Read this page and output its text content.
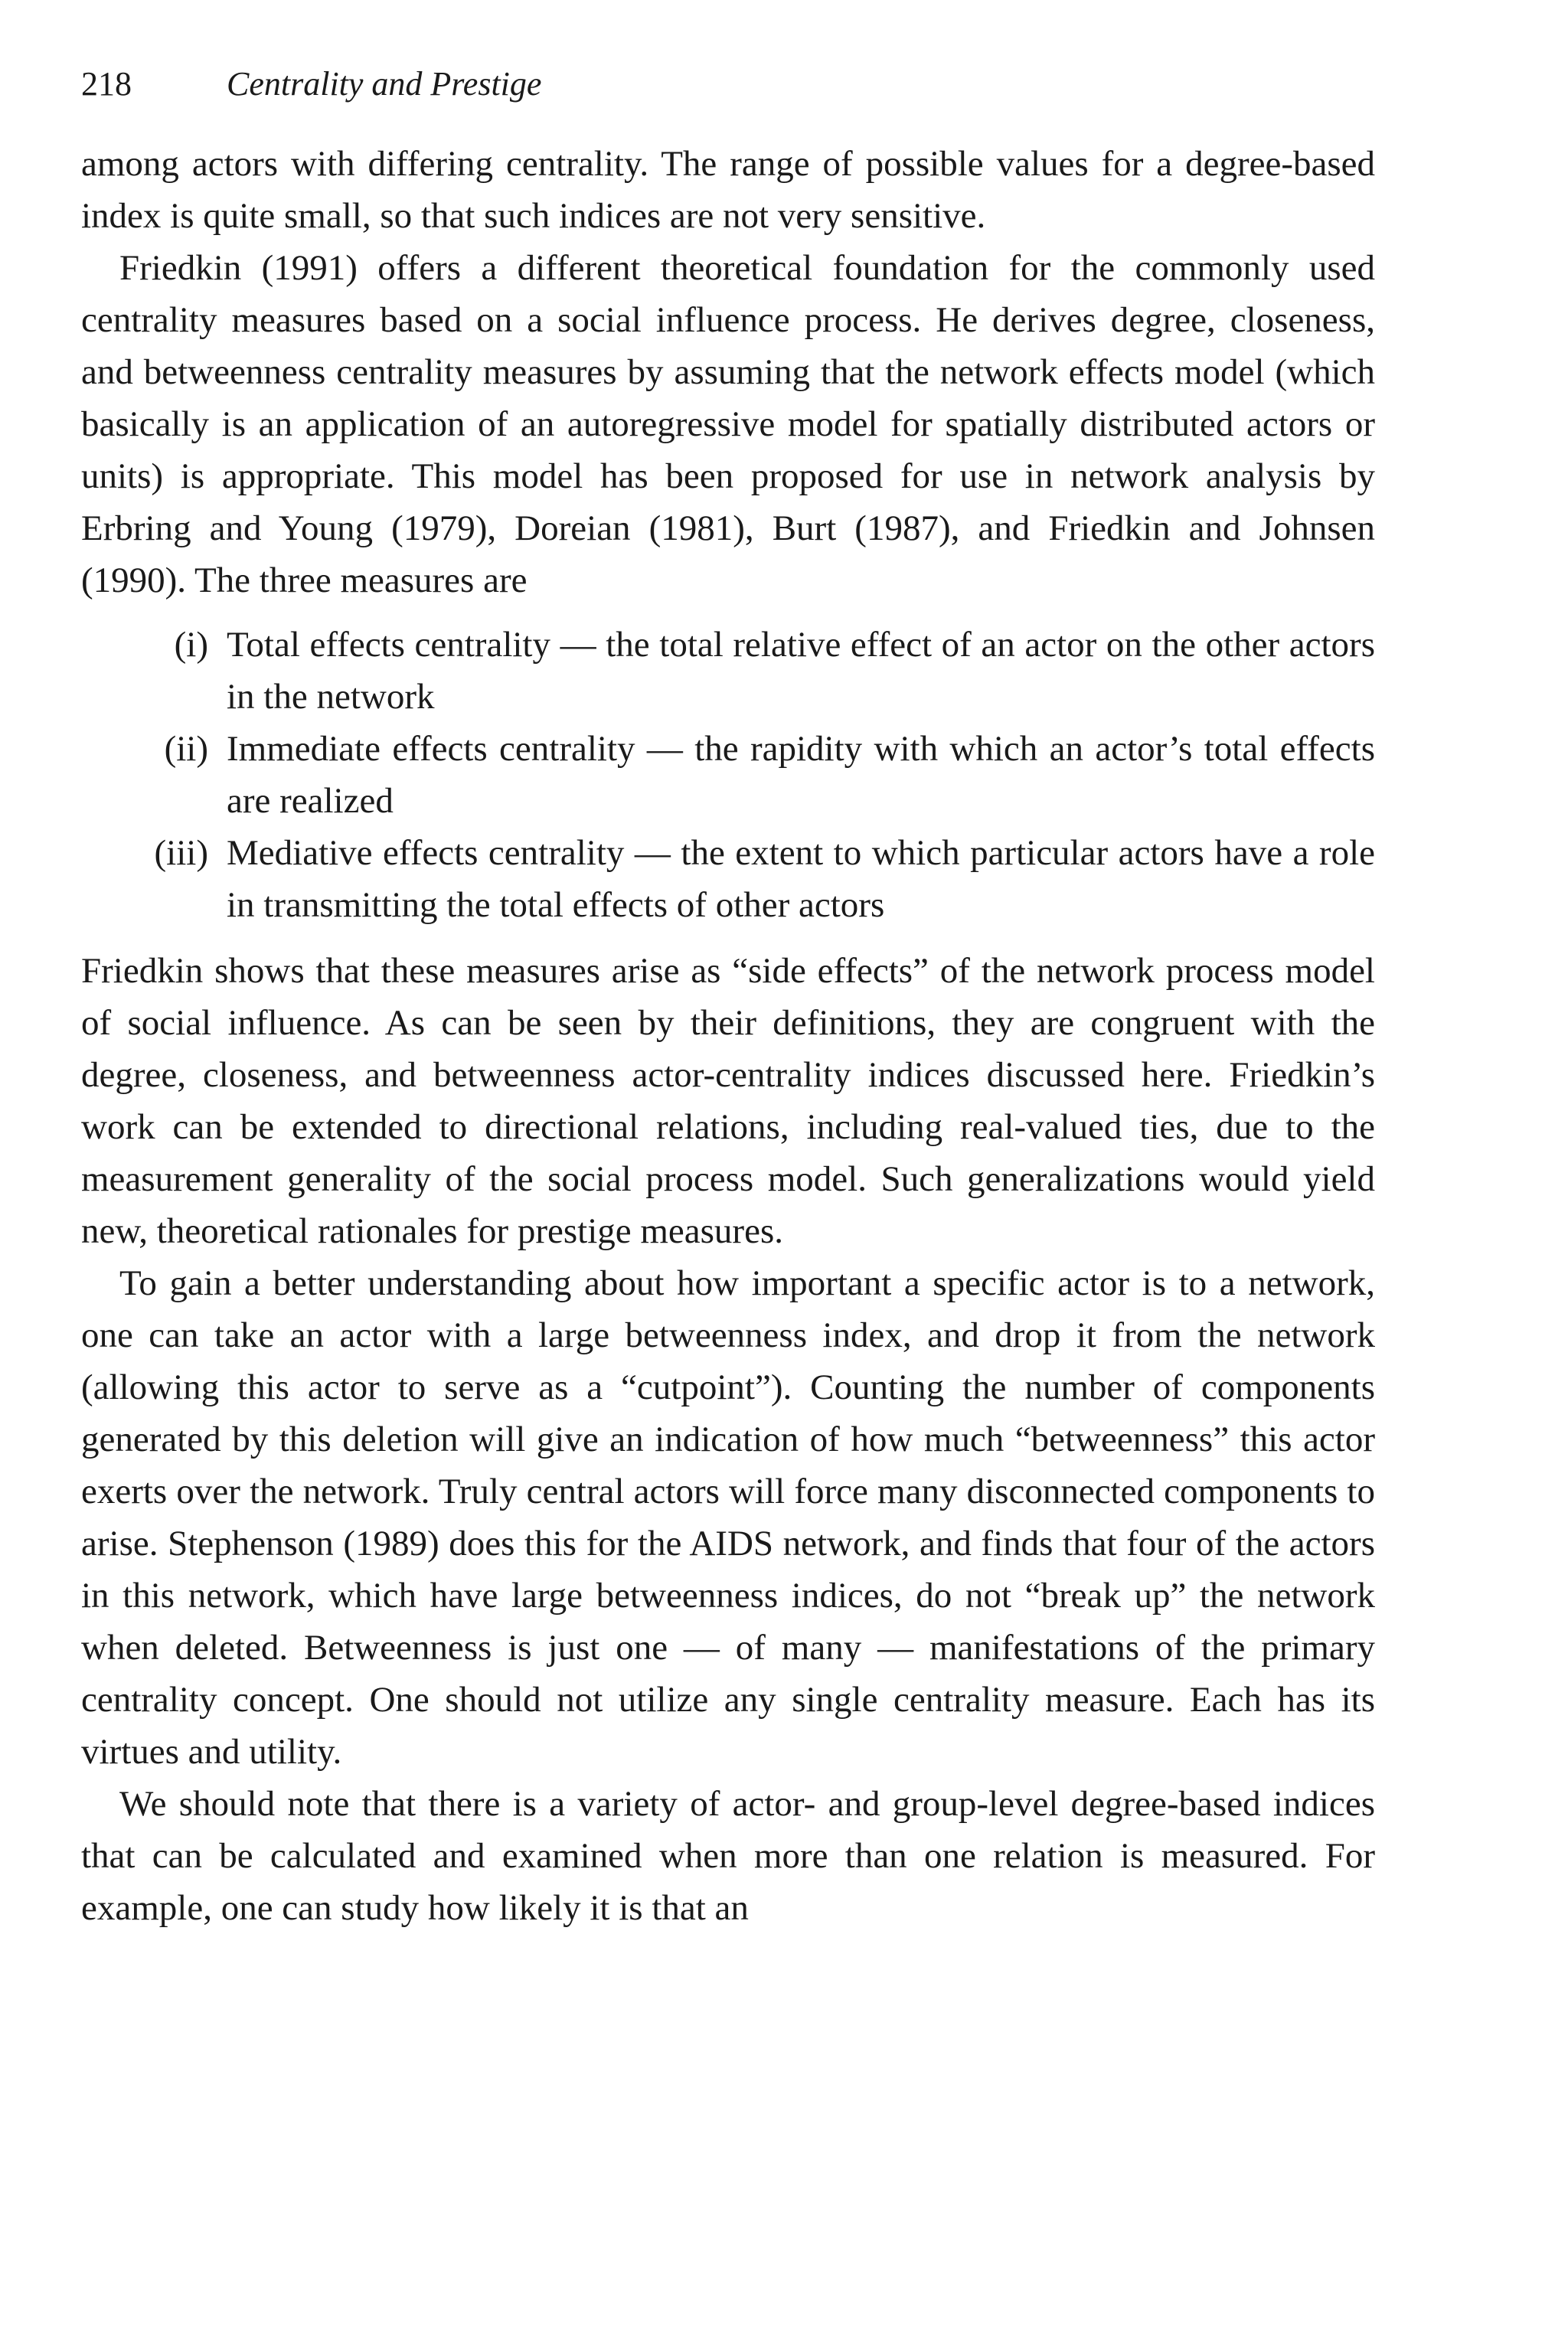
218	Centrality and Prestige

among actors with differing centrality. The range of possible values for a degree-based index is quite small, so that such indices are not very sensitive.

Friedkin (1991) offers a different theoretical foundation for the commonly used centrality measures based on a social influence process. He derives degree, closeness, and betweenness centrality measures by assuming that the network effects model (which basically is an application of an autoregressive model for spatially distributed actors or units) is appropriate. This model has been proposed for use in network analysis by Erbring and Young (1979), Doreian (1981), Burt (1987), and Friedkin and Johnsen (1990). The three measures are

(i) Total effects centrality — the total relative effect of an actor on the other actors in the network
(ii) Immediate effects centrality — the rapidity with which an actor’s total effects are realized
(iii) Mediative effects centrality — the extent to which particular actors have a role in transmitting the total effects of other actors

Friedkin shows that these measures arise as “side effects” of the network process model of social influence. As can be seen by their definitions, they are congruent with the degree, closeness, and betweenness actor-centrality indices discussed here. Friedkin’s work can be extended to directional relations, including real-valued ties, due to the measurement generality of the social process model. Such generalizations would yield new, theoretical rationales for prestige measures.

To gain a better understanding about how important a specific actor is to a network, one can take an actor with a large betweenness index, and drop it from the network (allowing this actor to serve as a “cutpoint”). Counting the number of components generated by this deletion will give an indication of how much “betweenness” this actor exerts over the network. Truly central actors will force many disconnected components to arise. Stephenson (1989) does this for the AIDS network, and finds that four of the actors in this network, which have large betweenness indices, do not “break up” the network when deleted. Betweenness is just one — of many — manifestations of the primary centrality concept. One should not utilize any single centrality measure. Each has its virtues and utility.

We should note that there is a variety of actor- and group-level degree-based indices that can be calculated and examined when more than one relation is measured. For example, one can study how likely it is that an
